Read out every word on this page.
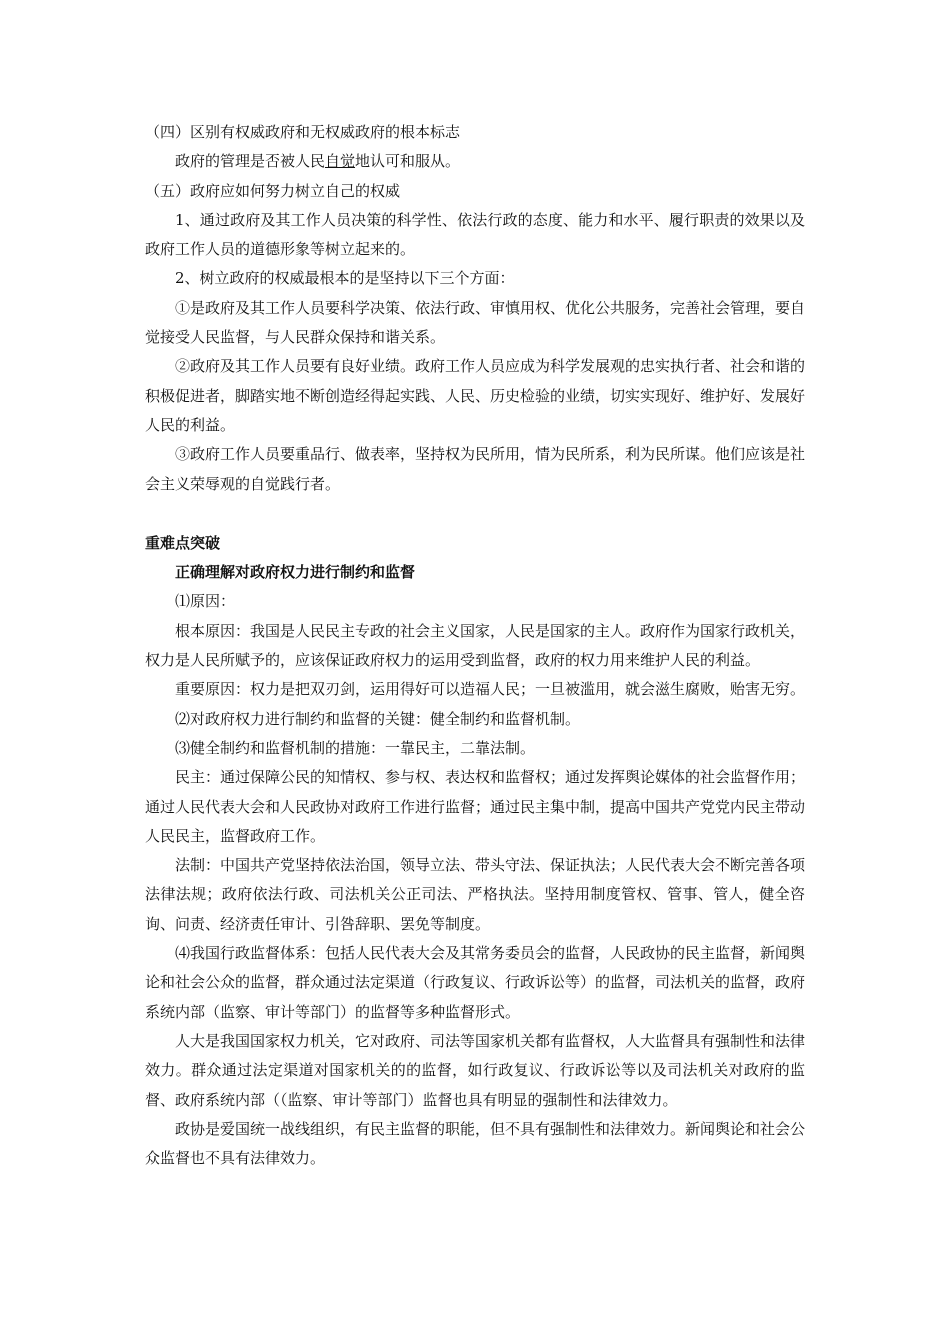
（四）区别有权威政府和无权威政府的根本标志

政府的管理是否被人民自觉地认可和服从。

（五）政府应如何努力树立自己的权威

1、通过政府及其工作人员决策的科学性、依法行政的态度、能力和水平、履行职责的效果以及政府工作人员的道德形象等树立起来的。

2、树立政府的权威最根本的是坚持以下三个方面：

①是政府及其工作人员要科学决策、依法行政、审慎用权、优化公共服务，完善社会管理，要自觉接受人民监督，与人民群众保持和谐关系。

②政府及其工作人员要有良好业绩。政府工作人员应成为科学发展观的忠实执行者、社会和谐的积极促进者，脚踏实地不断创造经得起实践、人民、历史检验的业绩，切实实现好、维护好、发展好人民的利益。

③政府工作人员要重品行、做表率，坚持权为民所用，情为民所系，利为民所谋。他们应该是社会主义荣辱观的自觉践行者。

重难点突破

正确理解对政府权力进行制约和监督

⑴原因：

根本原因：我国是人民民主专政的社会主义国家，人民是国家的主人。政府作为国家行政机关，权力是人民所赋予的，应该保证政府权力的运用受到监督，政府的权力用来维护人民的利益。

重要原因：权力是把双刃剑，运用得好可以造福人民；一旦被滥用，就会滋生腐败，贻害无穷。

⑵对政府权力进行制约和监督的关键：健全制约和监督机制。

⑶健全制约和监督机制的措施：一靠民主，二靠法制。

民主：通过保障公民的知情权、参与权、表达权和监督权；通过发挥舆论媒体的社会监督作用；通过人民代表大会和人民政协对政府工作进行监督；通过民主集中制，提高中国共产党党内民主带动人民民主，监督政府工作。

法制：中国共产党坚持依法治国，领导立法、带头守法、保证执法；人民代表大会不断完善各项法律法规；政府依法行政、司法机关公正司法、严格执法。坚持用制度管权、管事、管人，健全咨询、问责、经济责任审计、引咎辞职、罢免等制度。

⑷我国行政监督体系：包括人民代表大会及其常务委员会的监督，人民政协的民主监督，新闻舆论和社会公众的监督，群众通过法定渠道（行政复议、行政诉讼等）的监督，司法机关的监督，政府系统内部（监察、审计等部门）的监督等多种监督形式。

人大是我国国家权力机关，它对政府、司法等国家机关都有监督权，人大监督具有强制性和法律效力。群众通过法定渠道对国家机关的的监督，如行政复议、行政诉讼等以及司法机关对政府的监督、政府系统内部（（监察、审计等部门）监督也具有明显的强制性和法律效力。

政协是爱国统一战线组织，有民主监督的职能，但不具有强制性和法律效力。新闻舆论和社会公众监督也不具有法律效力。
